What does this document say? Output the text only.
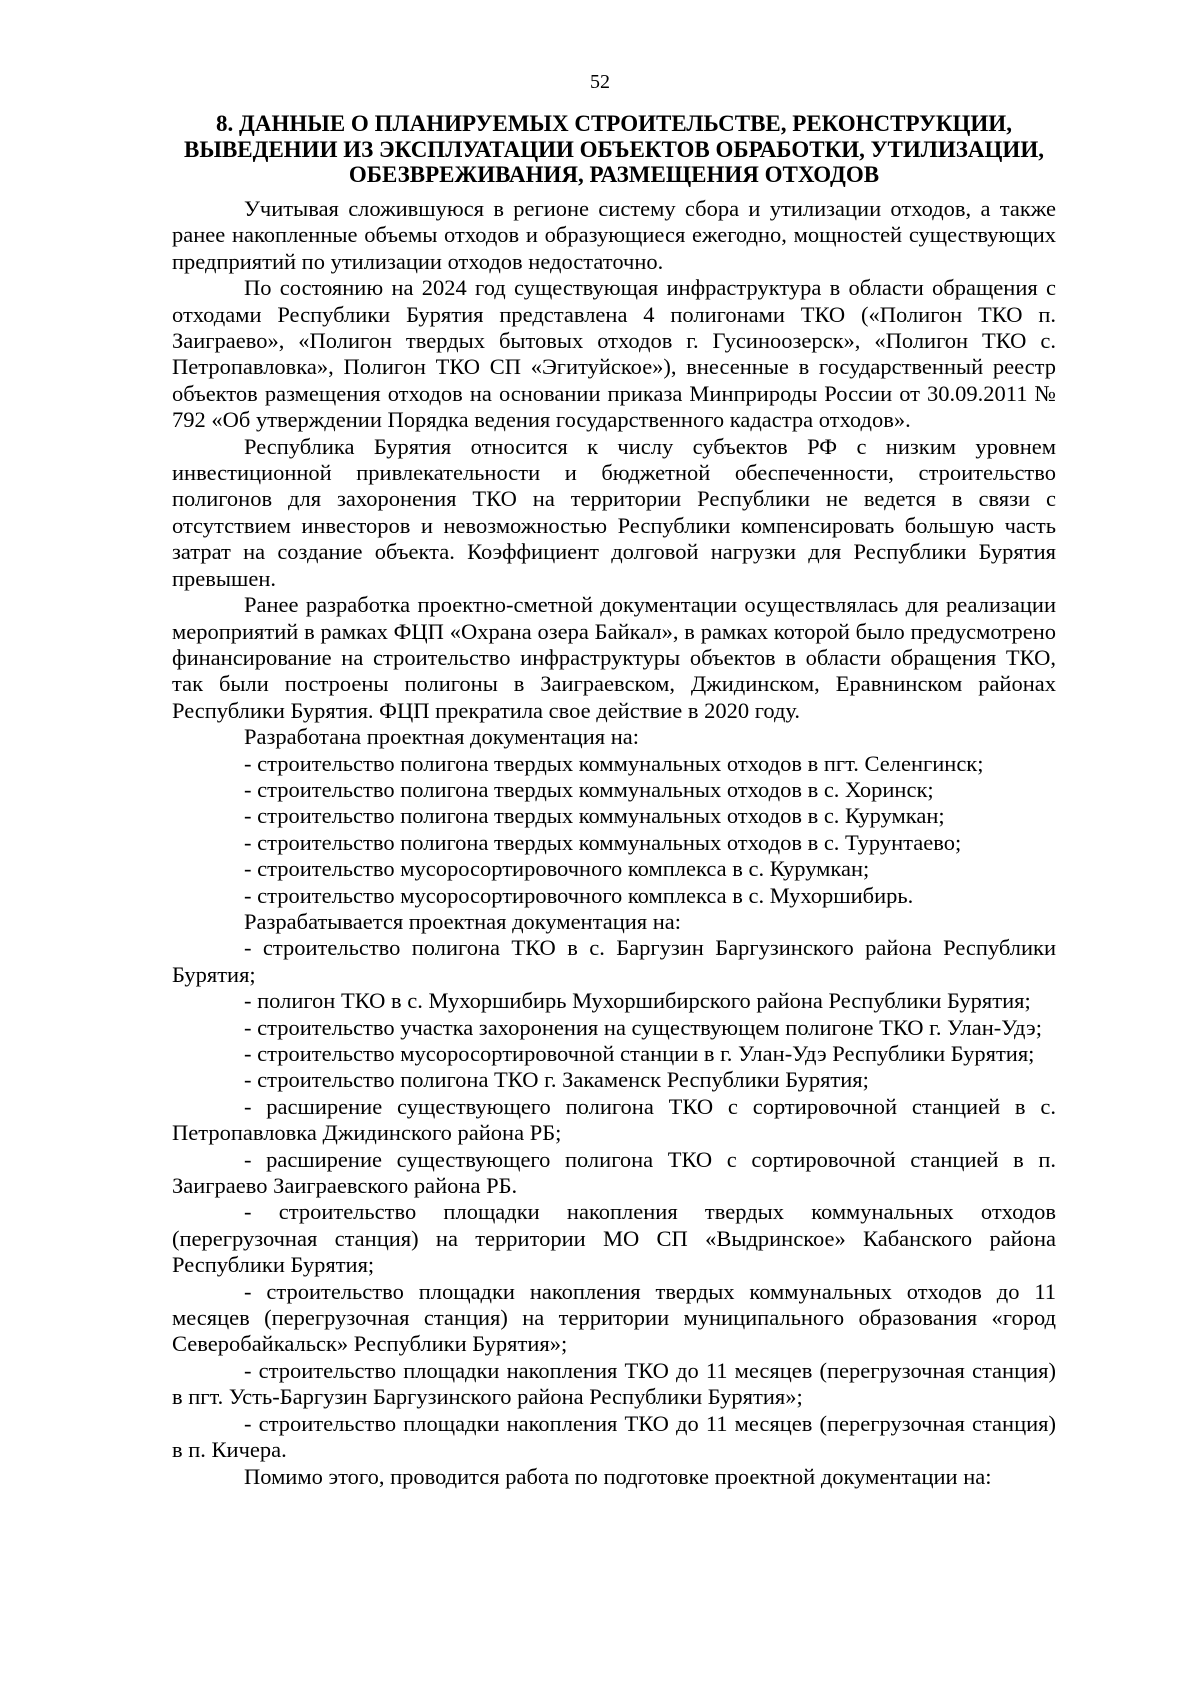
52
8. ДАННЫЕ О ПЛАНИРУЕМЫХ СТРОИТЕЛЬСТВЕ, РЕКОНСТРУКЦИИ,
ВЫВЕДЕНИИ ИЗ ЭКСПЛУАТАЦИИ ОБЪЕКТОВ ОБРАБОТКИ, УТИЛИЗАЦИИ,
ОБЕЗВРЕЖИВАНИЯ, РАЗМЕЩЕНИЯ ОТХОДОВ

Учитывая сложившуюся в регионе систему сбора и утилизации отходов, а также ранее накопленные объемы отходов и образующиеся ежегодно, мощностей существующих предприятий по утилизации отходов недостаточно.

По состоянию на 2024 год существующая инфраструктура в области обращения с отходами Республики Бурятия представлена 4 полигонами ТКО («Полигон ТКО п. Заиграево», «Полигон твердых бытовых отходов г. Гусиноозерск», «Полигон ТКО с. Петропавловка», Полигон ТКО СП «Эгитуйское»), внесенные в государственный реестр объектов размещения отходов на основании приказа Минприроды России от 30.09.2011 № 792 «Об утверждении Порядка ведения государственного кадастра отходов».

Республика Бурятия относится к числу субъектов РФ с низким уровнем инвестиционной привлекательности и бюджетной обеспеченности, строительство полигонов для захоронения ТКО на территории Республики не ведется в связи с отсутствием инвесторов и невозможностью Республики компенсировать большую часть затрат на создание объекта. Коэффициент долговой нагрузки для Республики Бурятия превышен.

Ранее разработка проектно-сметной документации осуществлялась для реализации мероприятий в рамках ФЦП «Охрана озера Байкал», в рамках которой было предусмотрено финансирование на строительство инфраструктуры объектов в области обращения ТКО, так были построены полигоны в Заиграевском, Джидинском, Еравнинском районах Республики Бурятия. ФЦП прекратила свое действие в 2020 году.

Разработана проектная документация на:

- строительство полигона твердых коммунальных отходов в пгт. Селенгинск;

- строительство полигона твердых коммунальных отходов в с. Хоринск;

- строительство полигона твердых коммунальных отходов в с. Курумкан;

- строительство полигона твердых коммунальных отходов в с. Турунтаево;

- строительство мусоросортировочного комплекса в с. Курумкан;

- строительство мусоросортировочного комплекса в с. Мухоршибирь.

Разрабатывается проектная документация на:

- строительство полигона ТКО в с. Баргузин Баргузинского района Республики Бурятия;

- полигон ТКО в с. Мухоршибирь Мухоршибирского района Республики Бурятия;

- строительство участка захоронения на существующем полигоне ТКО г. Улан-Удэ;

- строительство мусоросортировочной станции в г. Улан-Удэ Республики Бурятия;

- строительство полигона ТКО г. Закаменск Республики Бурятия;

- расширение существующего полигона ТКО с сортировочной станцией в с. Петропавловка Джидинского района РБ;

- расширение существующего полигона ТКО с сортировочной станцией в п. Заиграево Заиграевского района РБ.

- строительство площадки накопления твердых коммунальных отходов (перегрузочная станция) на территории МО СП «Выдринское» Кабанского района Республики Бурятия;

- строительство площадки накопления твердых коммунальных отходов до 11 месяцев (перегрузочная станция) на территории муниципального образования «город Северобайкальск» Республики Бурятия»;

- строительство площадки накопления ТКО до 11 месяцев (перегрузочная станция) в пгт. Усть-Баргузин Баргузинского района Республики Бурятия»;

- строительство площадки накопления ТКО до 11 месяцев (перегрузочная станция) в п. Кичера.

Помимо этого, проводится работа по подготовке проектной документации на:
